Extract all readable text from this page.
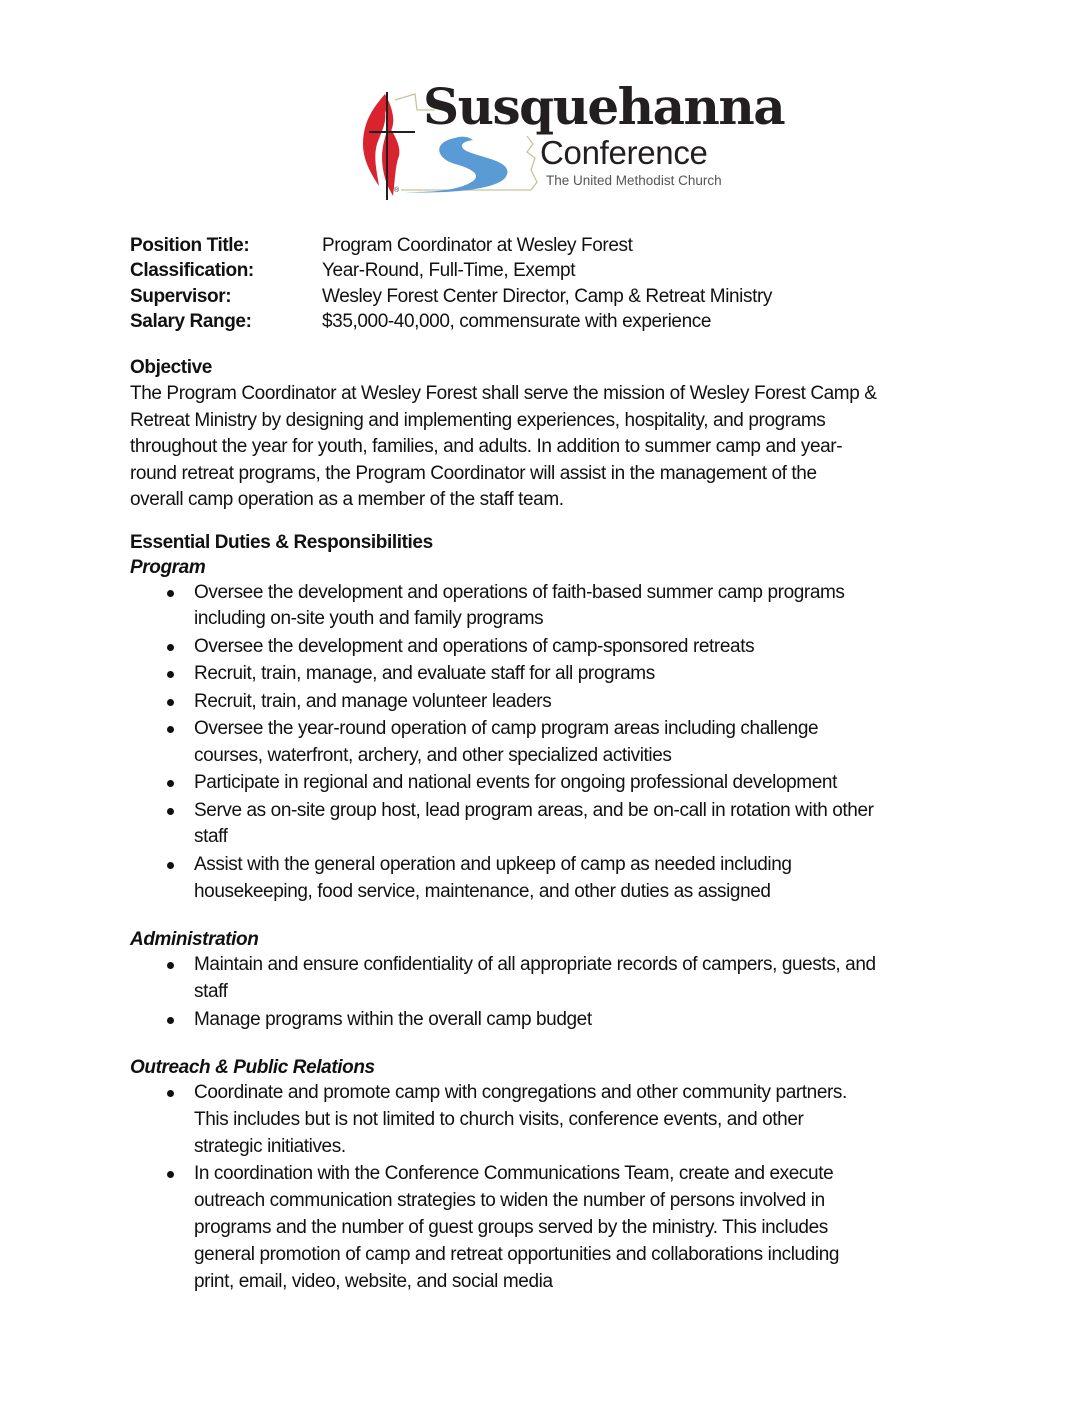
Susquehanna
Conference
The United Methodist Church
®
Position Title:	Program Coordinator at Wesley Forest
Classification:	Year-Round, Full-Time, Exempt
Supervisor:	Wesley Forest Center Director, Camp & Retreat Ministry
Salary Range:	$35,000-40,000, commensurate with experience

Objective

The Program Coordinator at Wesley Forest shall serve the mission of Wesley Forest Camp &
Retreat Ministry by designing and implementing experiences, hospitality, and programs
throughout the year for youth, families, and adults. In addition to summer camp and year-
round retreat programs, the Program Coordinator will assist in the management of the
overall camp operation as a member of the staff team.

Essential Duties & Responsibilities

Program

Oversee the development and operations of faith-based summer camp programs
including on-site youth and family programs
Oversee the development and operations of camp-sponsored retreats
Recruit, train, manage, and evaluate staff for all programs
Recruit, train, and manage volunteer leaders
Oversee the year-round operation of camp program areas including challenge
courses, waterfront, archery, and other specialized activities
Participate in regional and national events for ongoing professional development
Serve as on-site group host, lead program areas, and be on-call in rotation with other
staff
Assist with the general operation and upkeep of camp as needed including
housekeeping, food service, maintenance, and other duties as assigned

Administration

Maintain and ensure confidentiality of all appropriate records of campers, guests, and
staff
Manage programs within the overall camp budget

Outreach & Public Relations

Coordinate and promote camp with congregations and other community partners.
This includes but is not limited to church visits, conference events, and other
strategic initiatives.
In coordination with the Conference Communications Team, create and execute
outreach communication strategies to widen the number of persons involved in
programs and the number of guest groups served by the ministry. This includes
general promotion of camp and retreat opportunities and collaborations including
print, email, video, website, and social media
